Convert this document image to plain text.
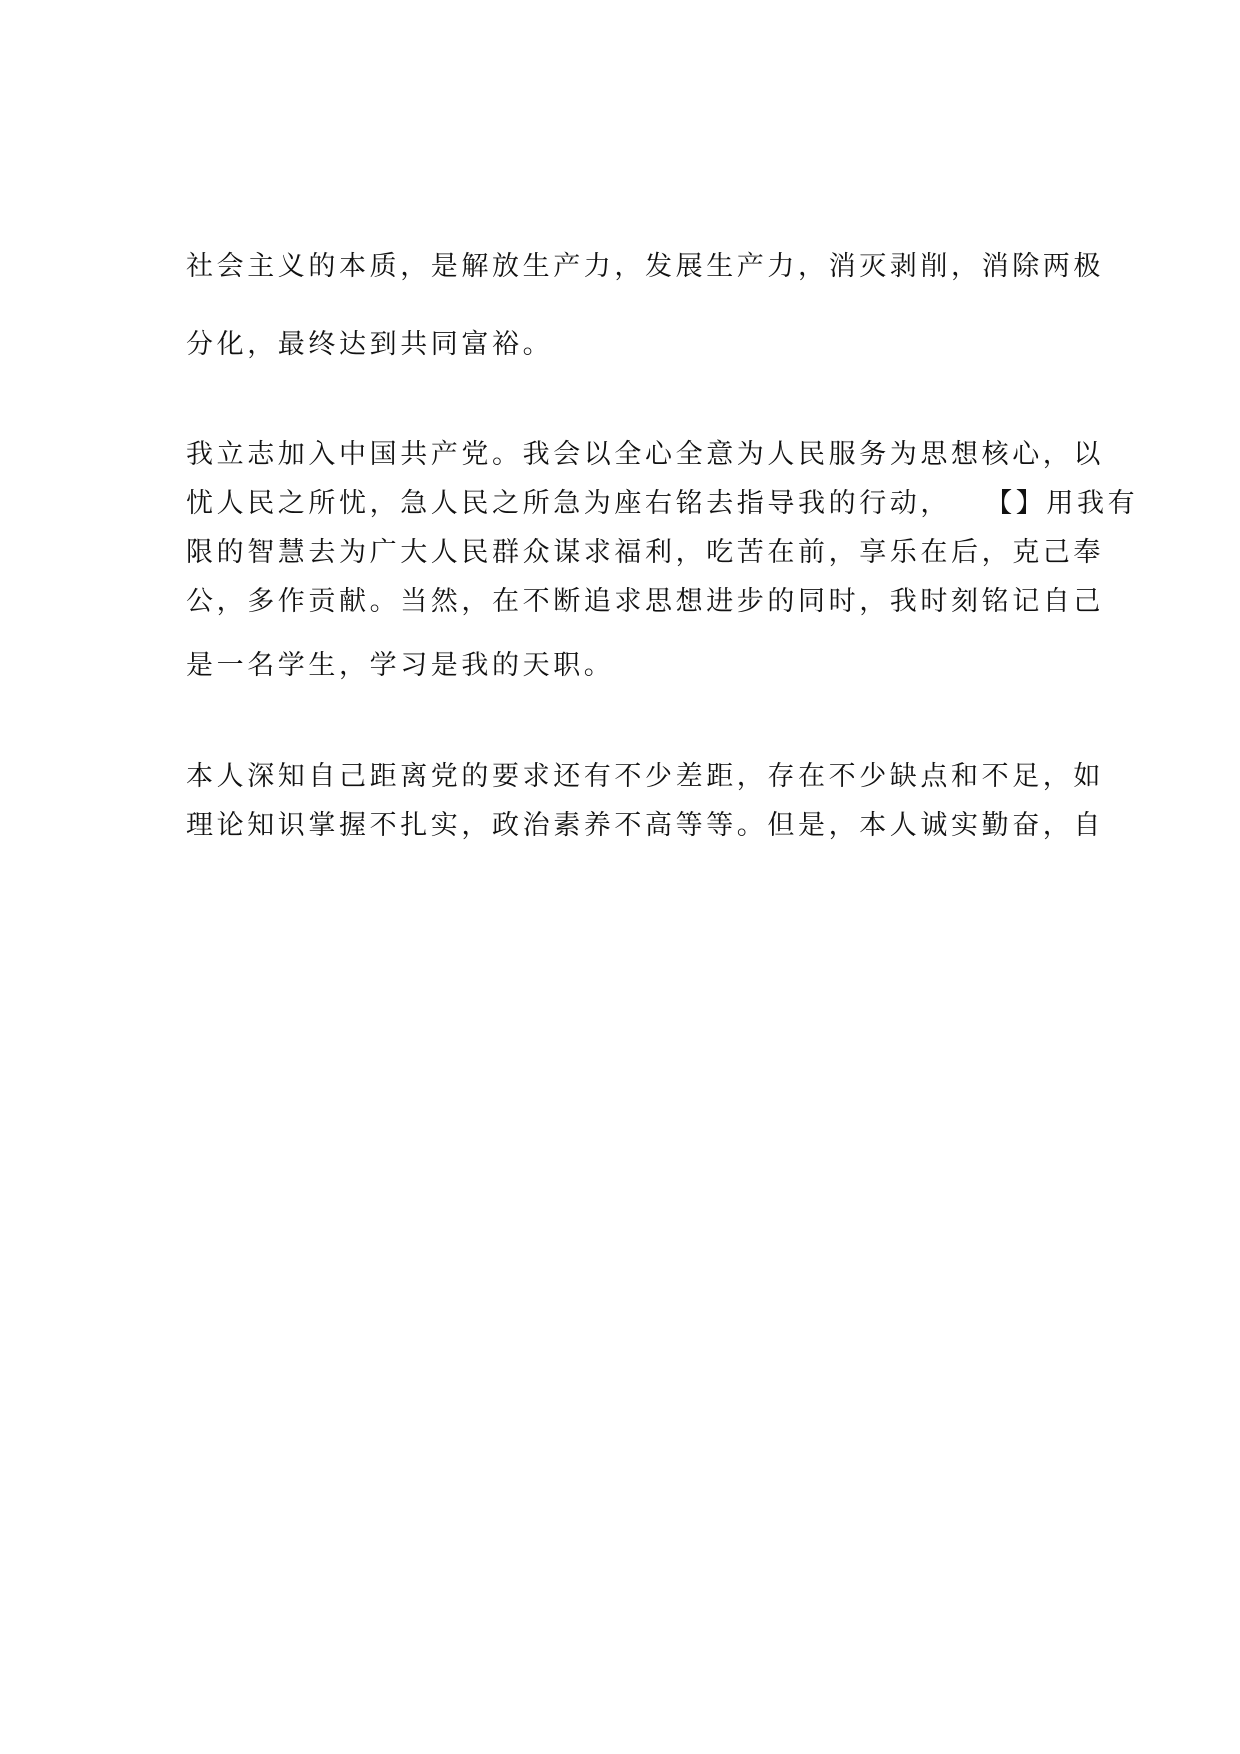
社会主义的本质，是解放生产力，发展生产力，消灭剥削，消除两极
分化，最终达到共同富裕。
我立志加入中国共产党。我会以全心全意为人民服务为思想核心，以
忧人民之所忧，急人民之所急为座右铭去指导我的行动，　　【】用我有
限的智慧去为广大人民群众谋求福利，吃苦在前，享乐在后，克己奉
公，多作贡献。当然，在不断追求思想进步的同时，我时刻铭记自己
是一名学生，学习是我的天职。
本人深知自己距离党的要求还有不少差距，存在不少缺点和不足，如
理论知识掌握不扎实，政治素养不高等等。但是，本人诚实勤奋，自
